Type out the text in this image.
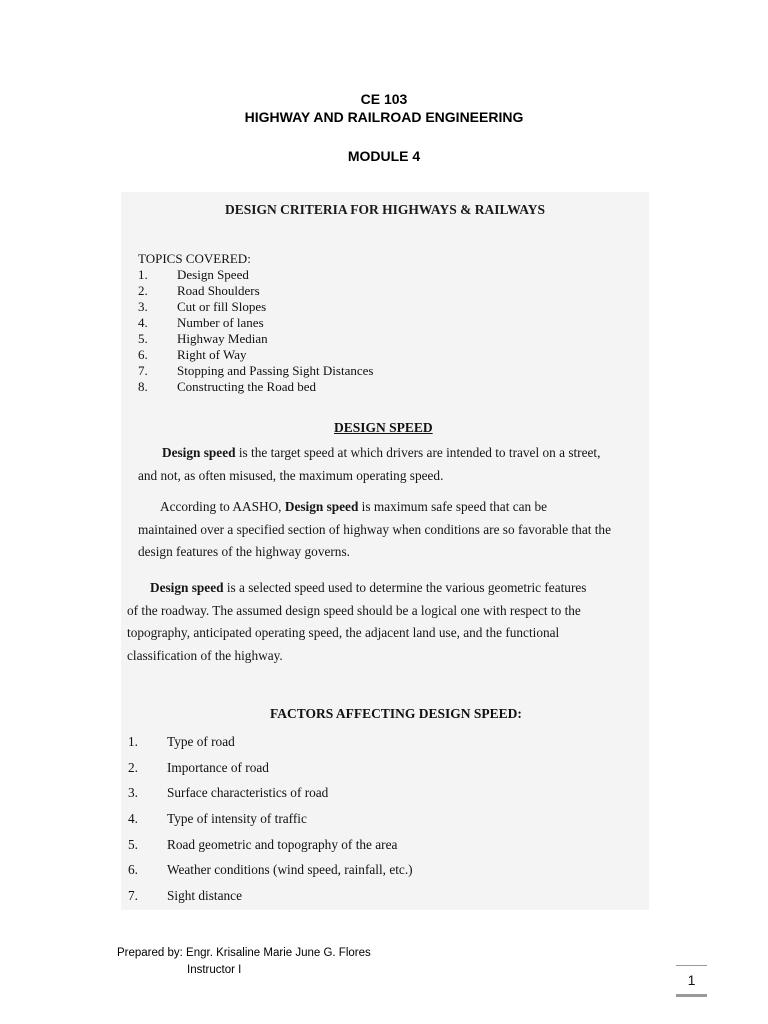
CE 103
HIGHWAY AND RAILROAD ENGINEERING
MODULE 4
DESIGN CRITERIA FOR HIGHWAYS & RAILWAYS
TOPICS COVERED:
1. Design Speed
2. Road Shoulders
3. Cut or fill Slopes
4. Number of lanes
5. Highway Median
6. Right of Way
7. Stopping and Passing Sight Distances
8. Constructing the Road bed
DESIGN SPEED
Design speed is the target speed at which drivers are intended to travel on a street,
and not, as often misused, the maximum operating speed.
According to AASHO, Design speed is maximum safe speed that can be
maintained over a specified section of highway when conditions are so favorable that the
design features of the highway governs.
Design speed is a selected speed used to determine the various geometric features
of the roadway. The assumed design speed should be a logical one with respect to the
topography, anticipated operating speed, the adjacent land use, and the functional
classification of the highway.
FACTORS AFFECTING DESIGN SPEED:
1. Type of road
2. Importance of road
3. Surface characteristics of road
4. Type of intensity of traffic
5. Road geometric and topography of the area
6. Weather conditions (wind speed, rainfall, etc.)
7. Sight distance
Prepared by: Engr. Krisaline Marie June G. Flores
Instructor I
1
